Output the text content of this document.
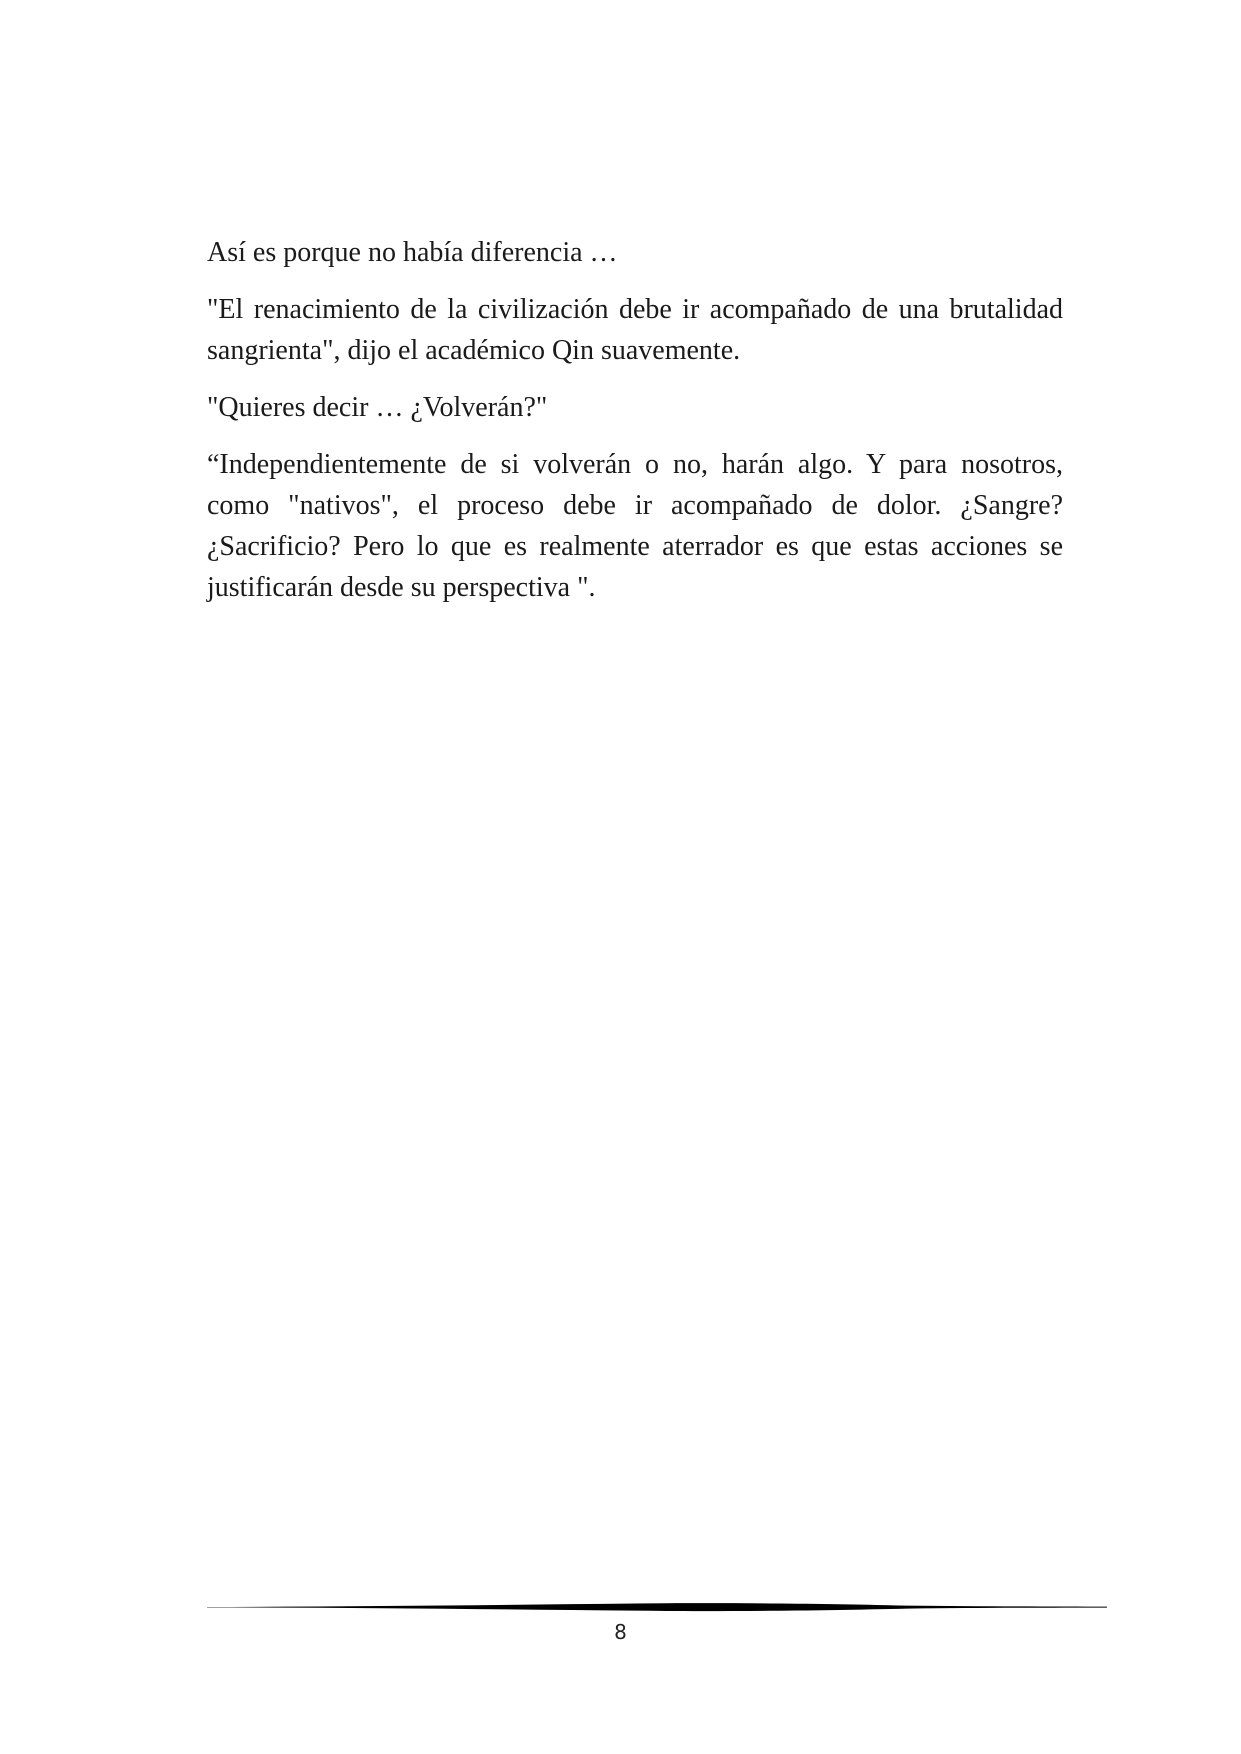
Así es porque no había diferencia …

"El renacimiento de la civilización debe ir acompañado de una brutalidad sangrienta", dijo el académico Qin suavemente.

"Quieres decir … ¿Volverán?"

“Independientemente de si volverán o no, harán algo. Y para nosotros, como "nativos", el proceso debe ir acompañado de dolor. ¿Sangre? ¿Sacrificio? Pero lo que es realmente aterrador es que estas acciones se justificarán desde su perspectiva ".

8
